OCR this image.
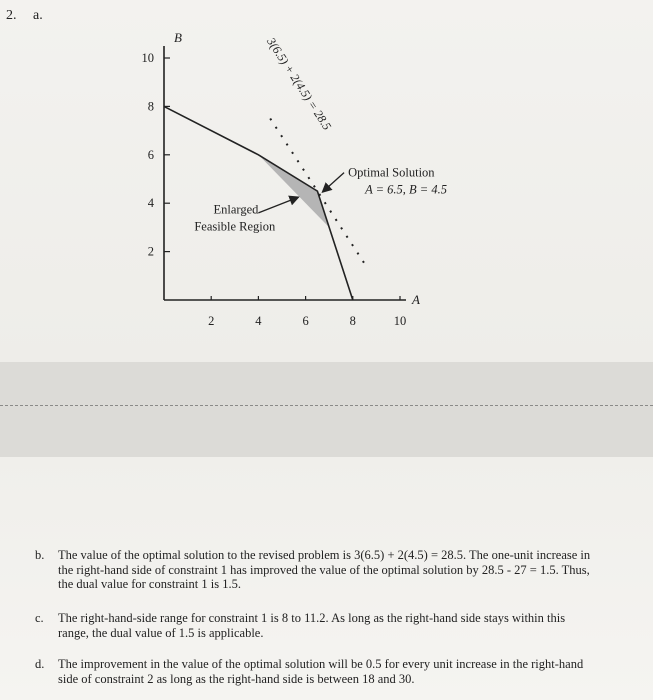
2. a.
2	4	6	8	10
2
4
6
8
10
B
A
3(6.5) + 2(4.5) = 28.5
Optimal Solution
A = 6.5, B = 4.5
Enlarged
Feasible Region
b. The value of the optimal solution to the revised problem is 3(6.5) + 2(4.5) = 28.5. The one-unit increase in the right-hand side of constraint 1 has improved the value of the optimal solution by 28.5 - 27 = 1.5. Thus, the dual value for constraint 1 is 1.5.
c. The right-hand-side range for constraint 1 is 8 to 11.2. As long as the right-hand side stays within this range, the dual value of 1.5 is applicable.
d. The improvement in the value of the optimal solution will be 0.5 for every unit increase in the right-hand side of constraint 2 as long as the right-hand side is between 18 and 30.
